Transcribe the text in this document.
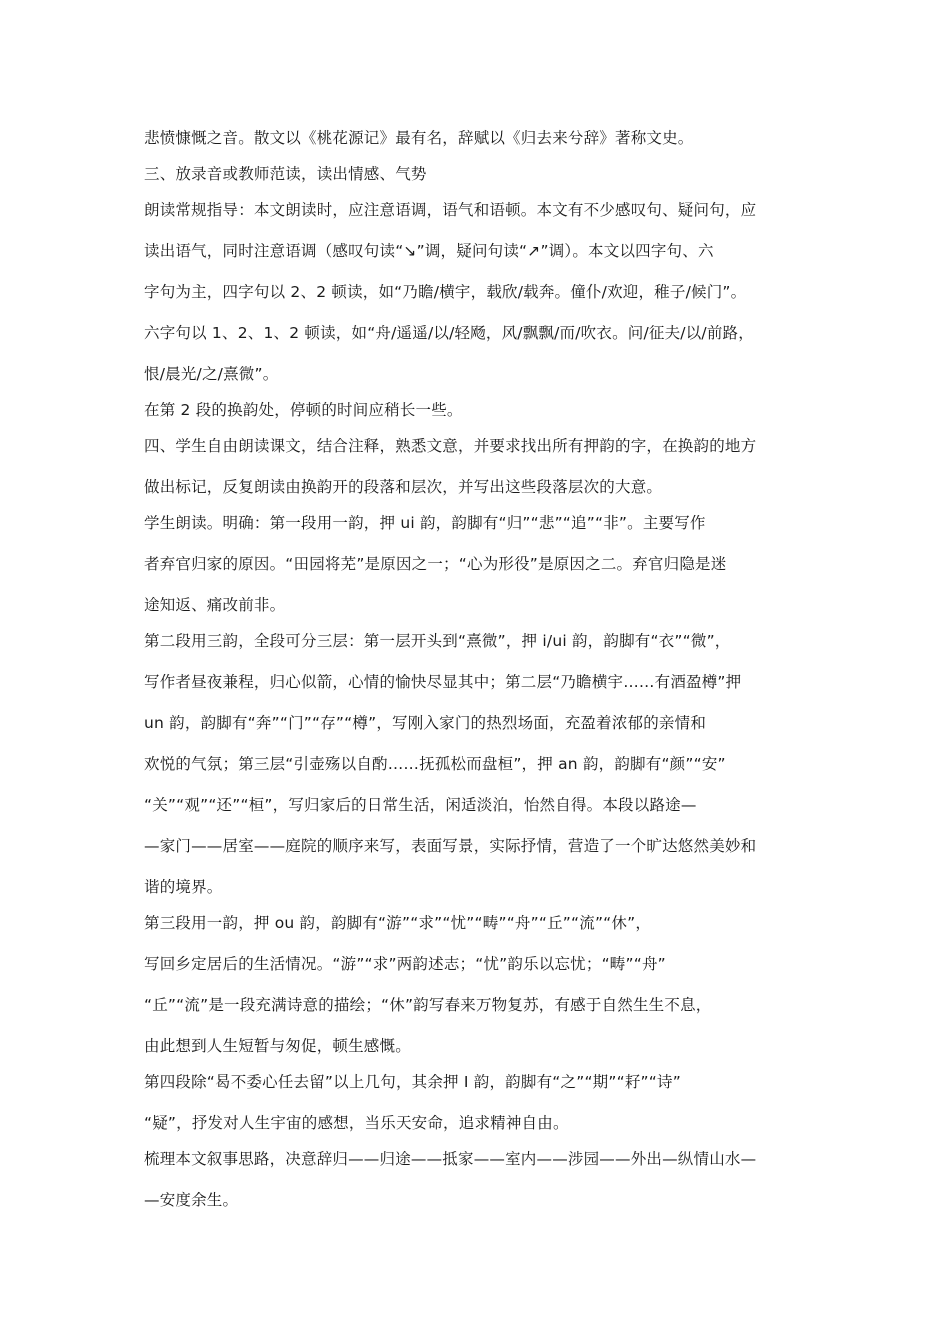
悲愤慷慨之音。散文以《桃花源记》最有名，辞赋以《归去来兮辞》著称文史。
三、放录音或教师范读，读出情感、气势
朗读常规指导：本文朗读时，应注意语调，语气和语顿。本文有不少感叹句、疑问句，应
读出语气，同时注意语调（感叹句读“↘”调，疑问句读“↗”调）。本文以四字句、六
字句为主，四字句以 2、2 顿读，如“乃瞻/横宇，载欣/载奔。僮仆/欢迎，稚子/候门”。
六字句以 1、2、1、2 顿读，如“舟/遥遥/以/轻飏，风/飘飘/而/吹衣。问/征夫/以/前路，
恨/晨光/之/熹微”。
在第 2 段的换韵处，停顿的时间应稍长一些。
四、学生自由朗读课文，结合注释，熟悉文意，并要求找出所有押韵的字，在换韵的地方
做出标记，反复朗读由换韵开的段落和层次，并写出这些段落层次的大意。
学生朗读。明确：第一段用一韵，押 ui 韵，韵脚有“归”“悲”“追”“非”。主要写作
者弃官归家的原因。“田园将芜”是原因之一；“心为形役”是原因之二。弃官归隐是迷
途知返、痛改前非。
第二段用三韵，全段可分三层：第一层开头到“熹微”，押 i/ui 韵，韵脚有“衣”“微”，
写作者昼夜兼程，归心似箭，心情的愉快尽显其中；第二层“乃瞻横宇……有酒盈樽”押
un 韵，韵脚有“奔”“门”“存”“樽”，写刚入家门的热烈场面，充盈着浓郁的亲情和
欢悦的气氛；第三层“引壶殇以自酌……抚孤松而盘桓”，押 an 韵，韵脚有“颜”“安”
“关”“观”“还”“桓”，写归家后的日常生活，闲适淡泊，怡然自得。本段以路途—
—家门——居室——庭院的顺序来写，表面写景，实际抒情，营造了一个旷达悠然美妙和
谐的境界。
第三段用一韵，押 ou 韵，韵脚有“游”“求”“忧”“畴”“舟”“丘”“流”“休”，
写回乡定居后的生活情况。“游”“求”两韵述志；“忧”韵乐以忘忧；“畴”“舟”
“丘”“流”是一段充满诗意的描绘；“休”韵写春来万物复苏，有感于自然生生不息，
由此想到人生短暂与匆促，顿生感慨。
第四段除“曷不委心任去留”以上几句，其余押 I 韵，韵脚有“之”“期”“耔”“诗”
“疑”，抒发对人生宇宙的感想，当乐天安命，追求精神自由。
梳理本文叙事思路，决意辞归——归途——抵家——室内——涉园——外出—纵情山水—
—安度余生。
